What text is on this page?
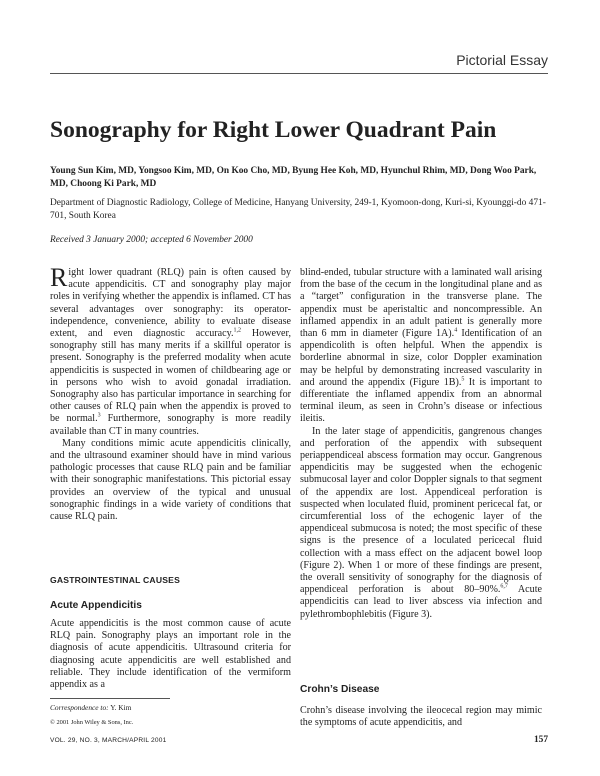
Pictorial Essay
Sonography for Right Lower Quadrant Pain
Young Sun Kim, MD, Yongsoo Kim, MD, On Koo Cho, MD, Byung Hee Koh, MD, Hyunchul Rhim, MD, Dong Woo Park, MD, Choong Ki Park, MD
Department of Diagnostic Radiology, College of Medicine, Hanyang University, 249-1, Kyomoon-dong, Kuri-si, Kyounggi-do 471-701, South Korea
Received 3 January 2000; accepted 6 November 2000

Right lower quadrant (RLQ) pain is often caused by acute appendicitis. CT and sonography play major roles in verifying whether the appendix is inflamed. CT has several advantages over sonography: its operator-independence, convenience, ability to evaluate disease extent, and even diagnostic accuracy.$^{1,2}$ However, sonography still has many merits if a skillful operator is present. Sonography is the preferred modality when acute appendicitis is suspected in women of childbearing age or in persons who wish to avoid gonadal irradiation. Sonography also has particular importance in searching for other causes of RLQ pain when the appendix is proved to be normal.$^3$ Furthermore, sonography is more readily available than CT in many countries.

Many conditions mimic acute appendicitis clinically, and the ultrasound examiner should have in mind various pathologic processes that cause RLQ pain and be familiar with their sonographic manifestations. This pictorial essay provides an overview of the typical and unusual sonographic findings in a wide variety of conditions that cause RLQ pain.

GASTROINTESTINAL CAUSES
Acute Appendicitis

Acute appendicitis is the most common cause of acute RLQ pain. Sonography plays an important role in the diagnosis of acute appendicitis. Ultrasound criteria for diagnosing acute appendicitis are well established and reliable. They include identification of the vermiform appendix as a

blind-ended, tubular structure with a laminated wall arising from the base of the cecum in the longitudinal plane and as a “target” configuration in the transverse plane. The appendix must be aperistaltic and noncompressible. An inflamed appendix in an adult patient is generally more than 6 mm in diameter (Figure 1A).$^4$ Identification of an appendicolith is often helpful. When the appendix is borderline abnormal in size, color Doppler examination may be helpful by demonstrating increased vascularity in and around the appendix (Figure 1B).$^5$ It is important to differentiate the inflamed appendix from an abnormal terminal ileum, as seen in Crohn’s disease or infectious ileitis.

In the later stage of appendicitis, gangrenous changes and perforation of the appendix with subsequent periappendiceal abscess formation may occur. Gangrenous appendicitis may be suggested when the echogenic submucosal layer and color Doppler signals to that segment of the appendix are lost. Appendiceal perforation is suspected when loculated fluid, prominent pericecal fat, or circumferential loss of the echogenic layer of the appendiceal submucosa is noted; the most specific of these signs is the presence of a loculated pericecal fluid collection with a mass effect on the adjacent bowel loop (Figure 2). When 1 or more of these findings are present, the overall sensitivity of sonography for the diagnosis of appendiceal perforation is about 80–90%.$^{6,7}$ Acute appendicitis can lead to liver abscess via infection and pylethrombophlebitis (Figure 3).

Crohn’s Disease

Crohn’s disease involving the ileocecal region may mimic the symptoms of acute appendicitis, and

Correspondence to: Y. Kim
© 2001 John Wiley & Sons, Inc.
VOL. 29, NO. 3, MARCH/APRIL 2001	157
